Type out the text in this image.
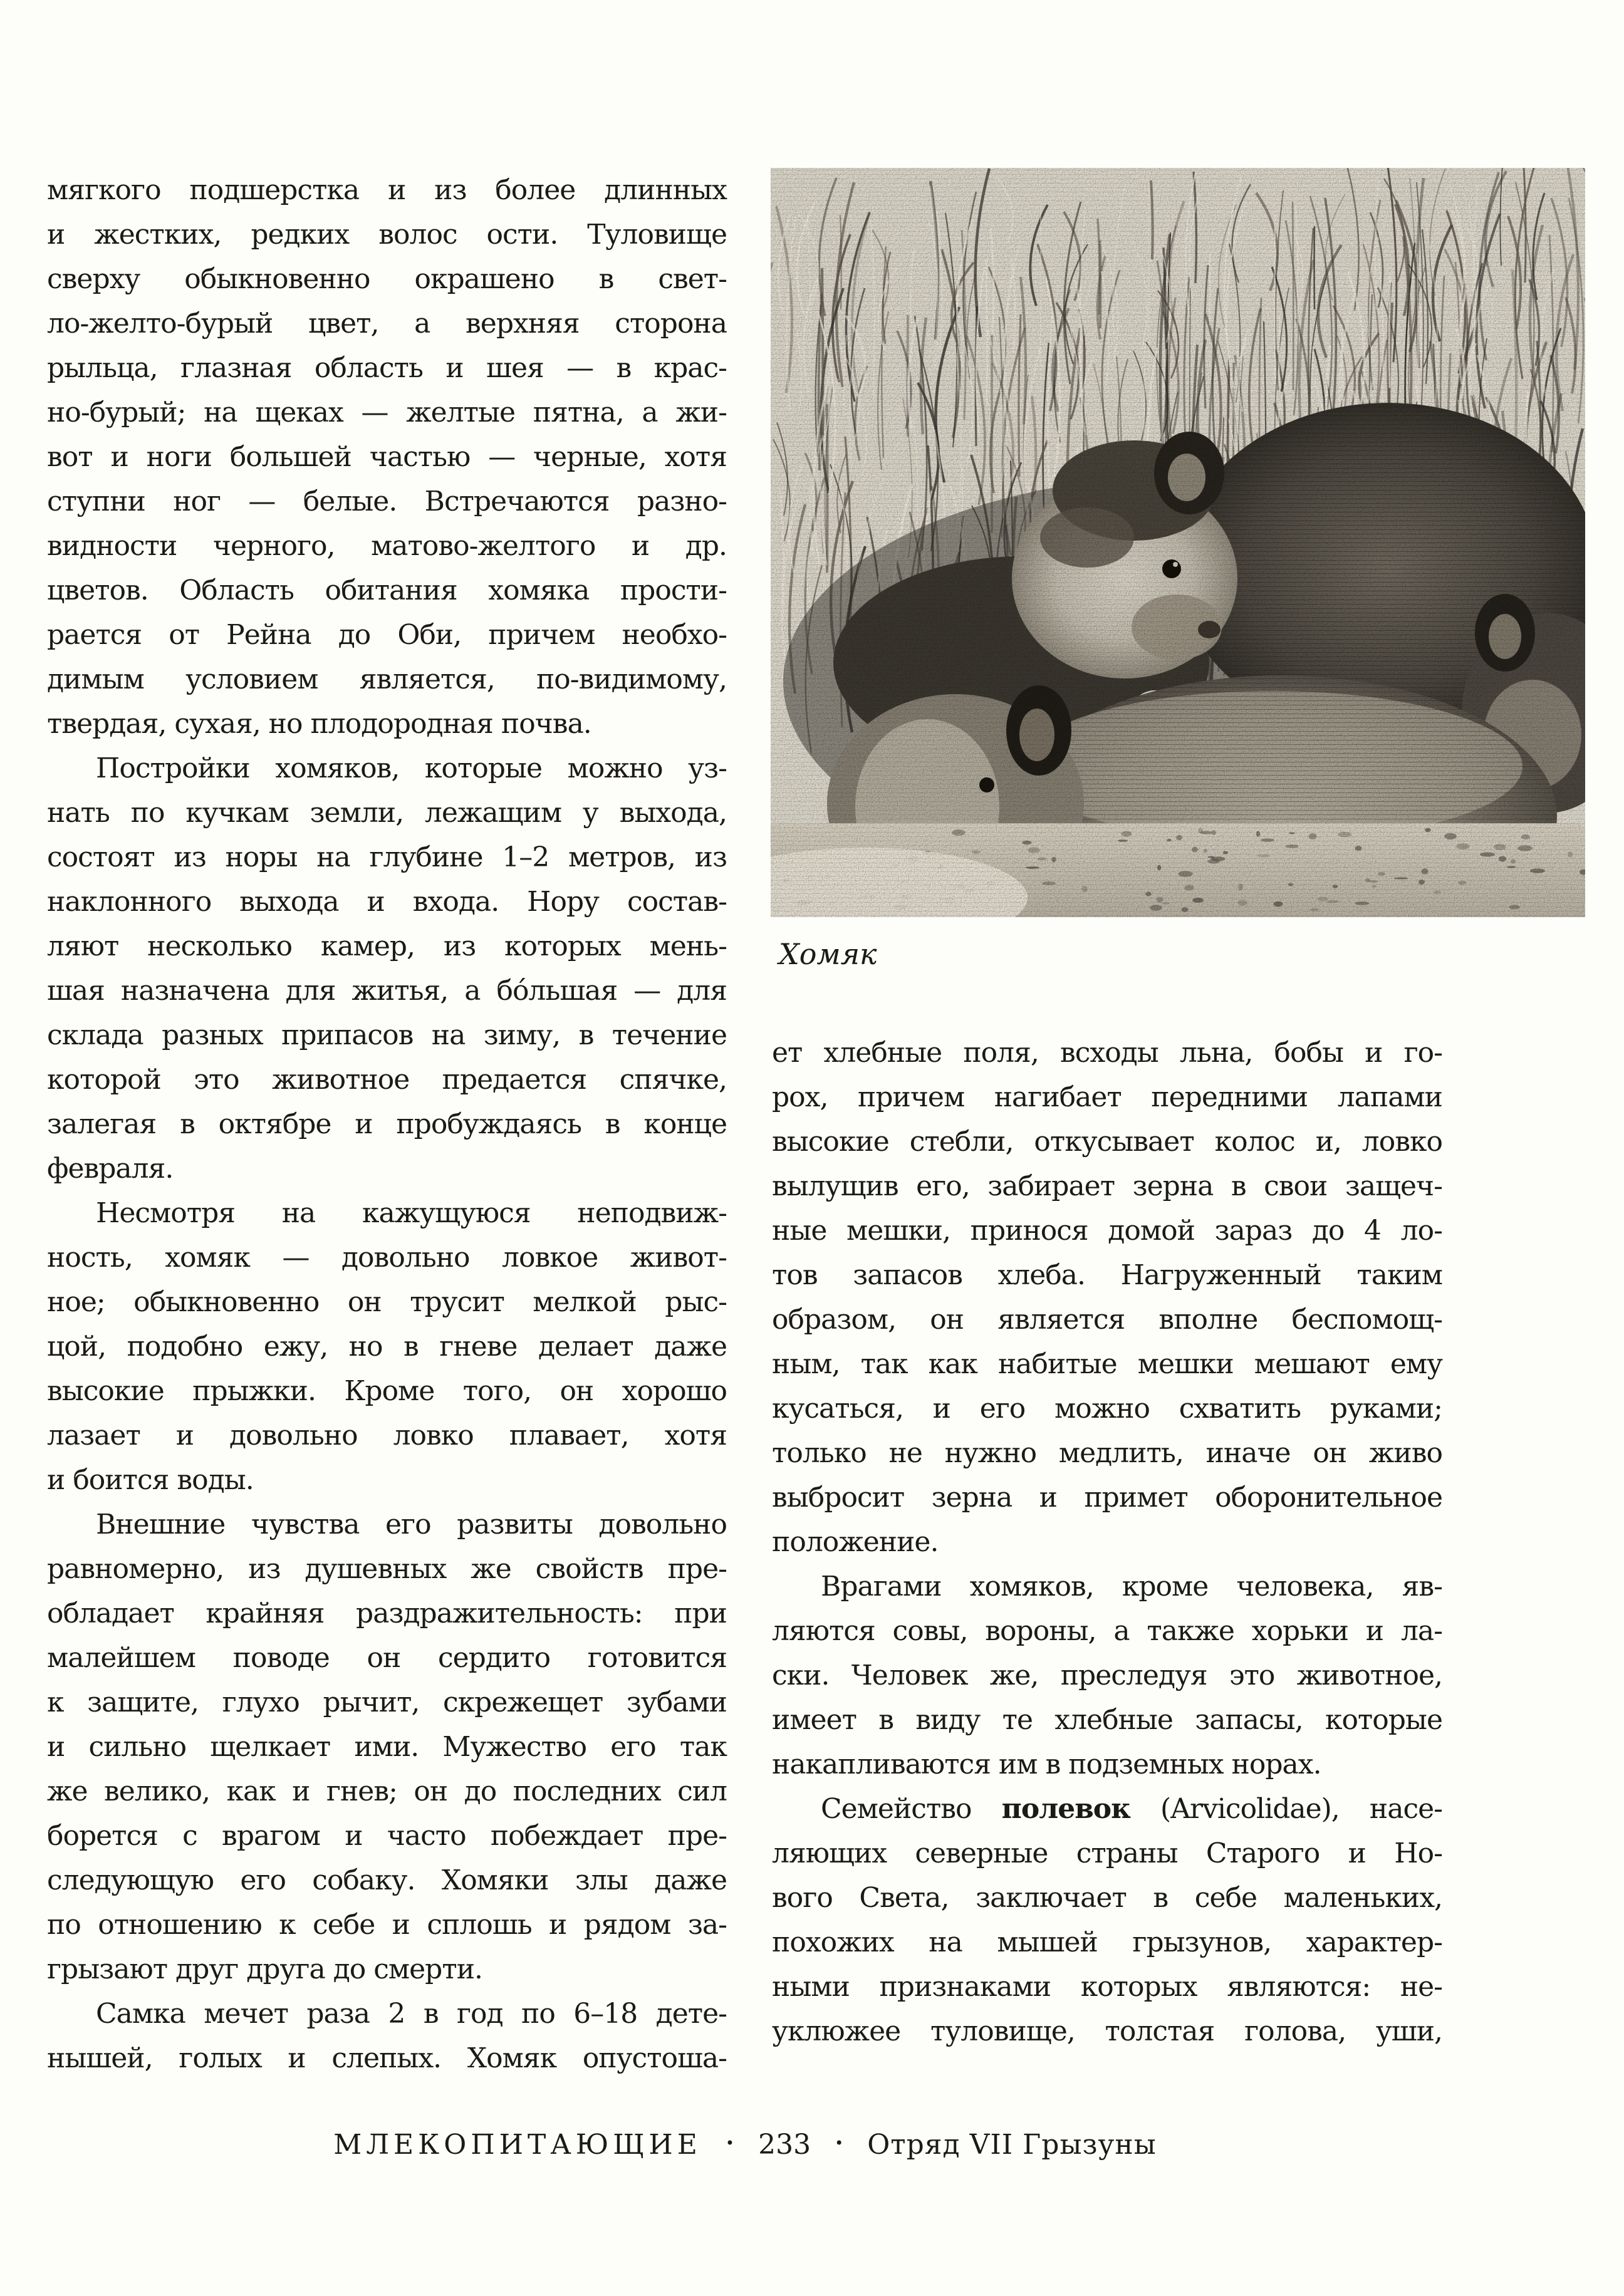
мягкого подшерстка и из более длинных
и жестких, редких волос ости. Туловище
сверху обыкновенно окрашено в свет-
ло-желто-бурый цвет, а верхняя сторона
рыльца, глазная область и шея — в крас-
но-бурый; на щеках — желтые пятна, а жи-
вот и ноги большей частью — черные, хотя
ступни ног — белые. Встречаются разно-
видности черного, матово-желтого и др.
цветов. Область обитания хомяка прости-
рается от Рейна до Оби, причем необхо-
димым условием является, по-видимому,
твердая, сухая, но плодородная почва.
Постройки хомяков, которые можно уз-
нать по кучкам земли, лежащим у выхода,
состоят из норы на глубине 1–2 метров, из
наклонного выхода и входа. Нору состав-
ляют несколько камер, из которых мень-
шая назначена для житья, а бо́льшая — для
склада разных припасов на зиму, в течение
которой это животное предается спячке,
залегая в октябре и пробуждаясь в конце
февраля.
Несмотря на кажущуюся неподвиж-
ность, хомяк — довольно ловкое живот-
ное; обыкновенно он трусит мелкой рыс-
цой, подобно ежу, но в гневе делает даже
высокие прыжки. Кроме того, он хорошо
лазает и довольно ловко плавает, хотя
и боится воды.
Внешние чувства его развиты довольно
равномерно, из душевных же свойств пре-
обладает крайняя раздражительность: при
малейшем поводе он сердито готовится
к защите, глухо рычит, скрежещет зубами
и сильно щелкает ими. Мужество его так
же велико, как и гнев; он до последних сил
борется с врагом и часто побеждает пре-
следующую его собаку. Хомяки злы даже
по отношению к себе и сплошь и рядом за-
грызают друг друга до смерти.
Самка мечет раза 2 в год по 6–18 дете-
нышей, голых и слепых. Хомяк опустоша-
Хомяк
ет хлебные поля, всходы льна, бобы и го-
рох, причем нагибает передними лапами
высокие стебли, откусывает колос и, ловко
вылущив его, забирает зерна в свои защеч-
ные мешки, принося домой зараз до 4 ло-
тов запасов хлеба. Нагруженный таким
образом, он является вполне беспомощ-
ным, так как набитые мешки мешают ему
кусаться, и его можно схватить руками;
только не нужно медлить, иначе он живо
выбросит зерна и примет оборонительное
положение.
Врагами хомяков, кроме человека, яв-
ляются совы, вороны, а также хорьки и ла-
ски. Человек же, преследуя это животное,
имеет в виду те хлебные запасы, которые
накапливаются им в подземных норах.
Семейство полевок (Arvicolidae), насе-
ляющих северные страны Старого и Но-
вого Света, заключает в себе маленьких,
похожих на мышей грызунов, характер-
ными признаками которых являются: не-
уклюжее туловище, толстая голова, уши,
МЛЕКОПИТАЮЩИЕ • 233 • Отряд VII Грызуны
